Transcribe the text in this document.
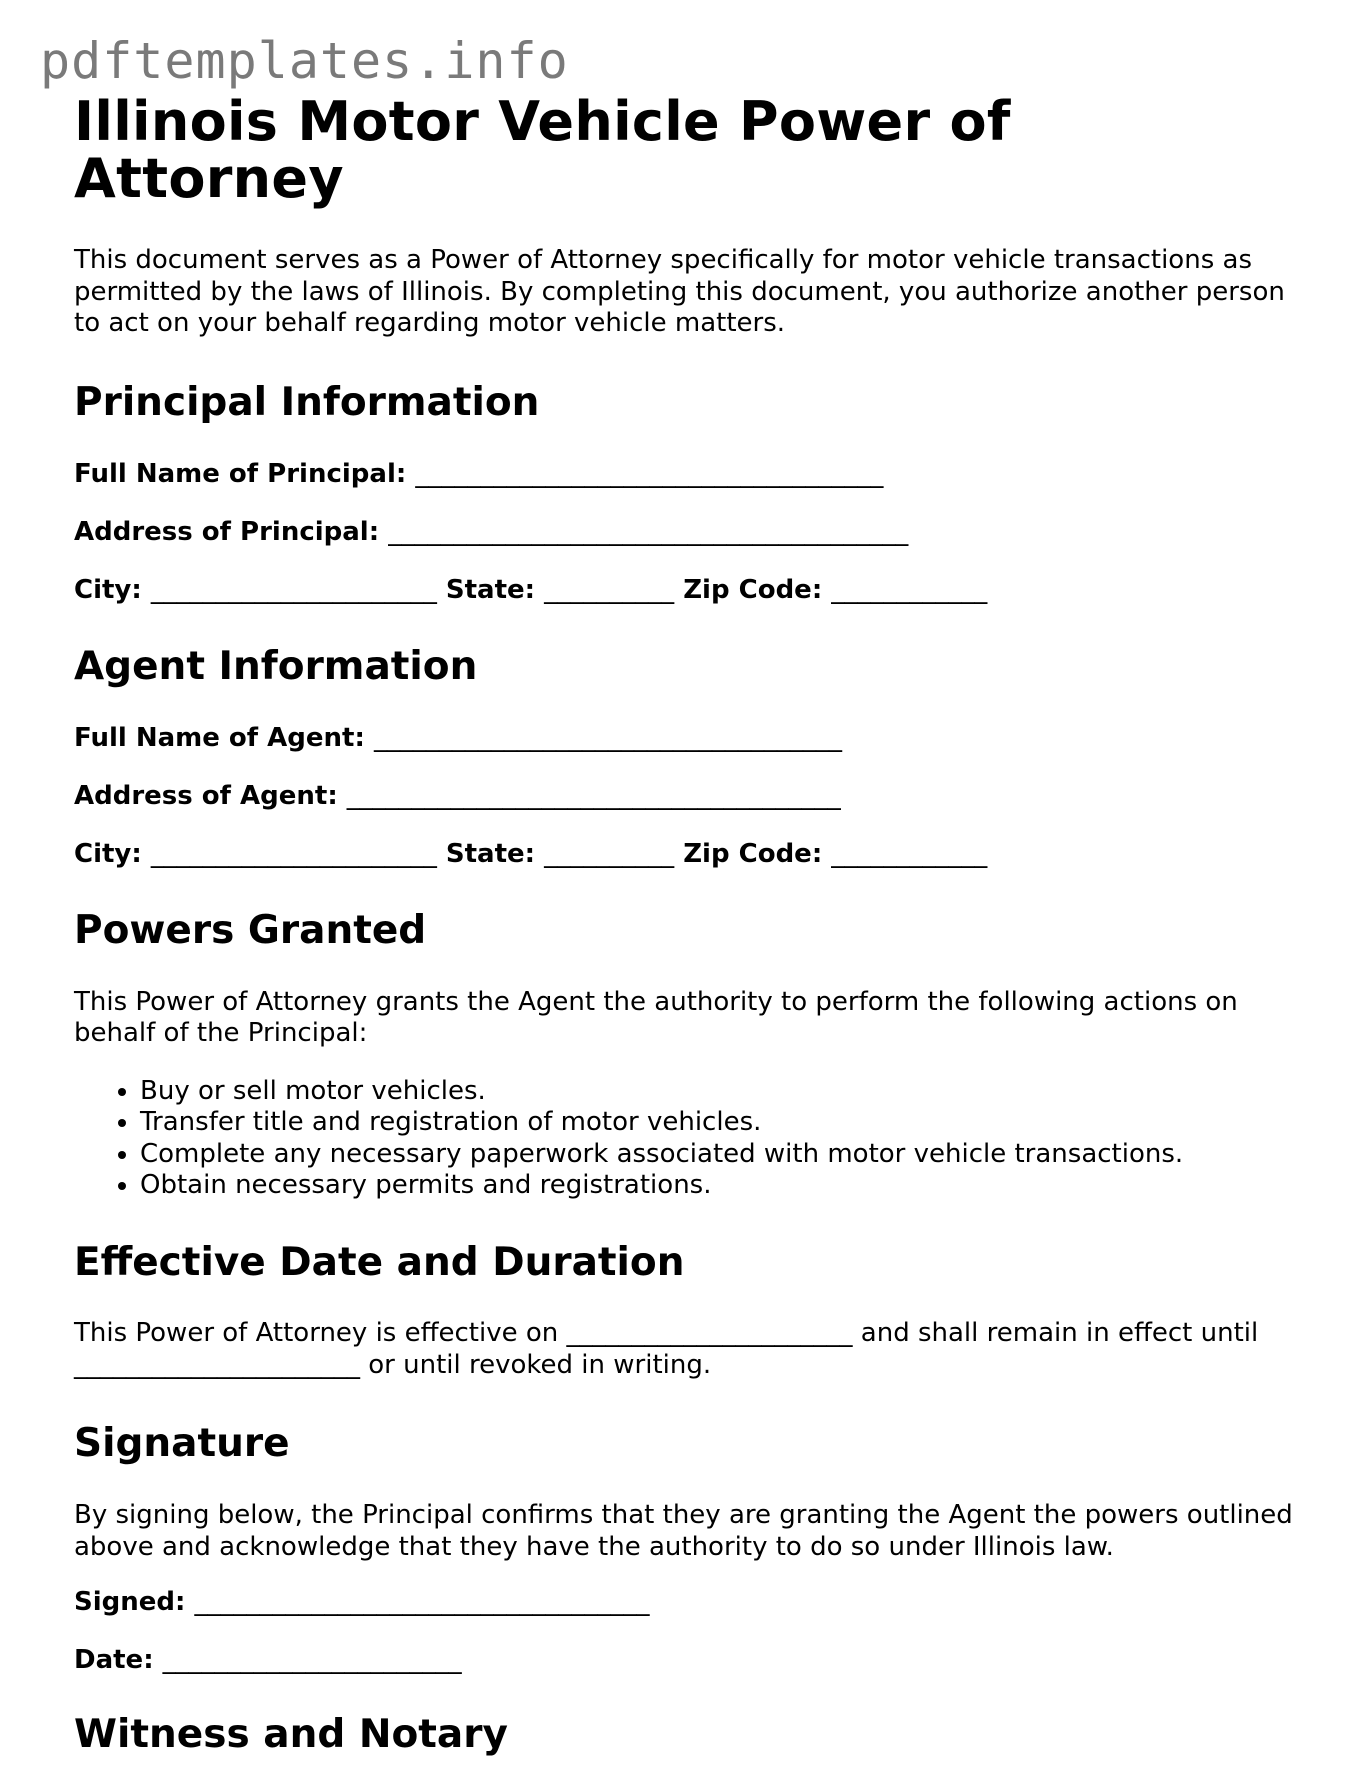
pdftemplates.info
Illinois Motor Vehicle Power of Attorney

This document serves as a Power of Attorney specifically for motor vehicle transactions as permitted by the laws of Illinois. By completing this document, you authorize another person to act on your behalf regarding motor vehicle matters.

Principal Information
Full Name of Principal: ____________________________________
Address of Principal: ________________________________________
City: ______________________ State: __________ Zip Code: ____________
Agent Information
Full Name of Agent: ____________________________________
Address of Agent: ______________________________________
City: ______________________ State: __________ Zip Code: ____________
Powers Granted

This Power of Attorney grants the Agent the authority to perform the following actions on behalf of the Principal:

• Buy or sell motor vehicles.
• Transfer title and registration of motor vehicles.
• Complete any necessary paperwork associated with motor vehicle transactions.
• Obtain necessary permits and registrations.
Effective Date and Duration

This Power of Attorney is effective on ______________________ and shall remain in effect until ______________________ or until revoked in writing.

Signature

By signing below, the Principal confirms that they are granting the Agent the powers outlined above and acknowledge that they have the authority to do so under Illinois law.

Signed: ___________________________________
Date: _______________________
Witness and Notary
